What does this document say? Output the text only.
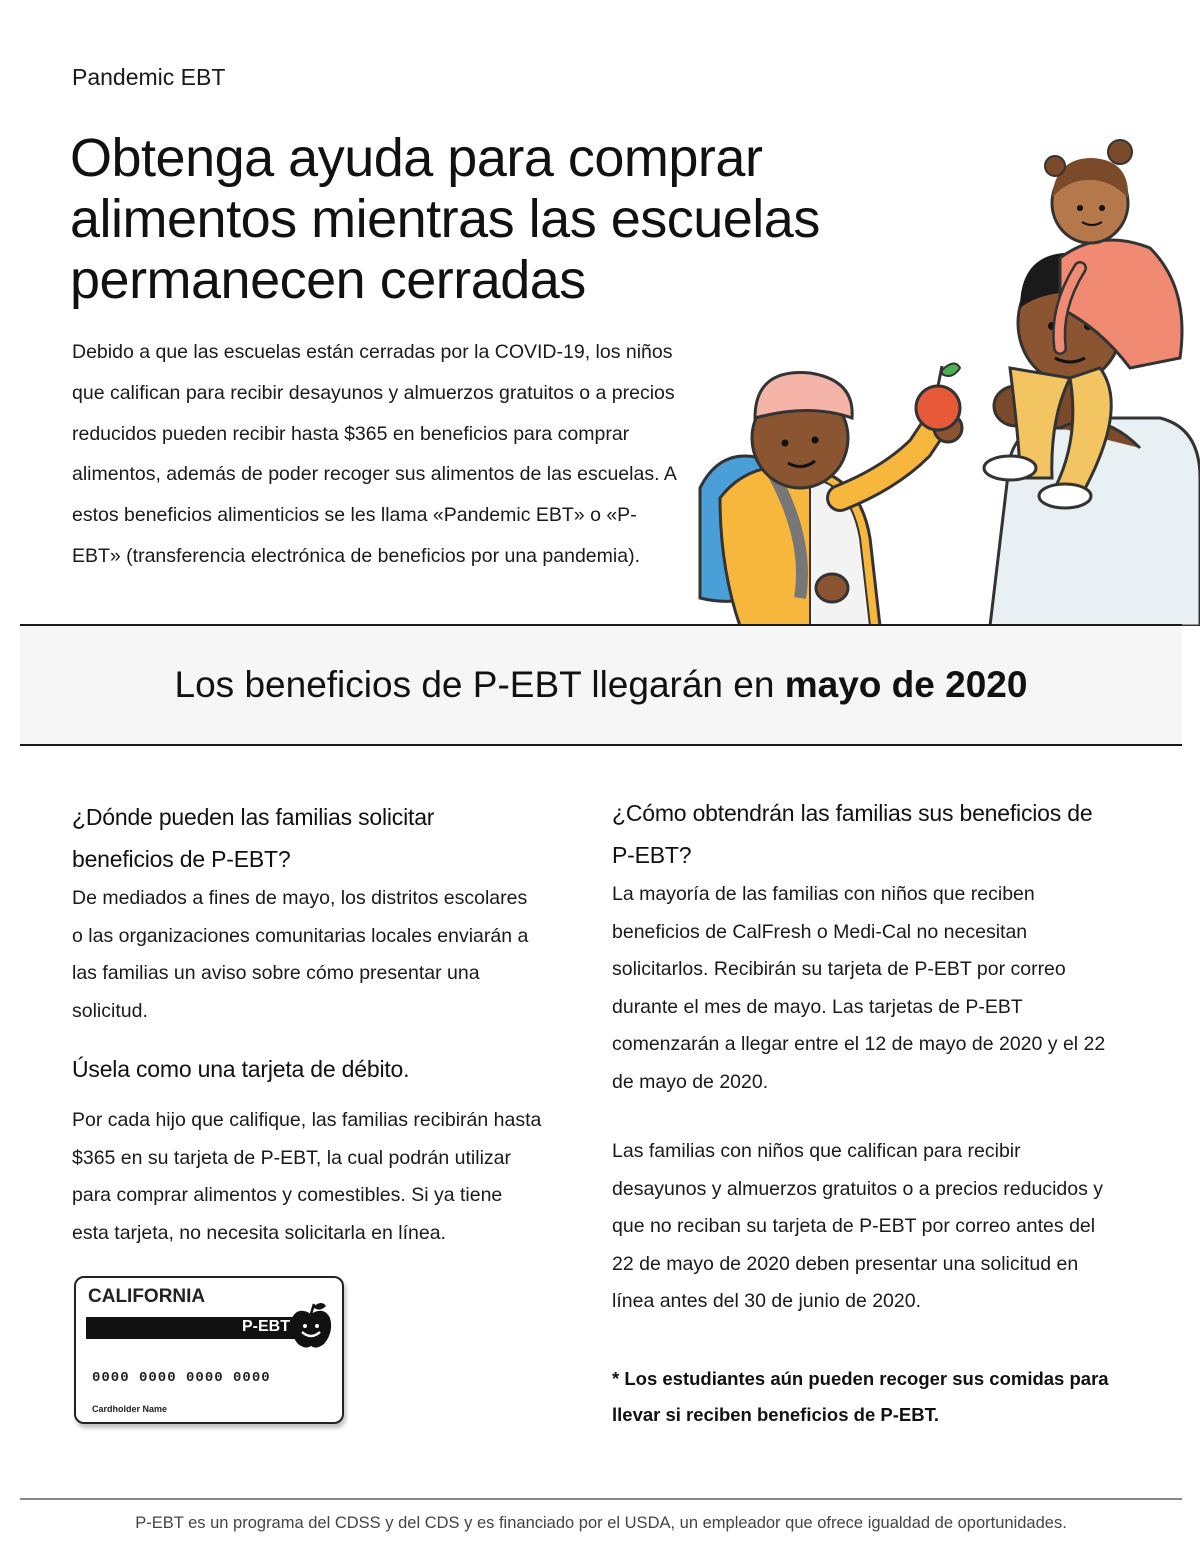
Pandemic EBT
Obtenga ayuda para comprar alimentos mientras las escuelas permanecen cerradas

Debido a que las escuelas están cerradas por la COVID-19, los niños que califican para recibir desayunos y almuerzos gratuitos o a precios reducidos pueden recibir hasta $365 en beneficios para comprar alimentos, además de poder recoger sus alimentos de las escuelas. A estos beneficios alimenticios se les llama «Pandemic EBT» o «P-EBT» (transferencia electrónica de beneficios por una pandemia).

Los beneficios de P-EBT llegarán en mayo de 2020
¿Dónde pueden las familias solicitar beneficios de P-EBT?

De mediados a fines de mayo, los distritos escolares o las organizaciones comunitarias locales enviarán a las familias un aviso sobre cómo presentar una solicitud.

Úsela como una tarjeta de débito.

Por cada hijo que califique, las familias recibirán hasta $365 en su tarjeta de P-EBT, la cual podrán utilizar para comprar alimentos y comestibles. Si ya tiene esta tarjeta, no necesita solicitarla en línea.

CALIFORNIA
P-EBT
0000 0000 0000 0000
Cardholder Name
¿Cómo obtendrán las familias sus beneficios de P-EBT?

La mayoría de las familias con niños que reciben beneficios de CalFresh o Medi-Cal no necesitan solicitarlos. Recibirán su tarjeta de P-EBT por correo durante el mes de mayo. Las tarjetas de P-EBT comenzarán a llegar entre el 12 de mayo de 2020 y el 22 de mayo de 2020.

Las familias con niños que califican para recibir desayunos y almuerzos gratuitos o a precios reducidos y que no reciban su tarjeta de P-EBT por correo antes del 22 de mayo de 2020 deben presentar una solicitud en línea antes del 30 de junio de 2020.

* Los estudiantes aún pueden recoger sus comidas para llevar si reciben beneficios de P-EBT.

P-EBT es un programa del CDSS y del CDS y es financiado por el USDA, un empleador que ofrece igualdad de oportunidades.
